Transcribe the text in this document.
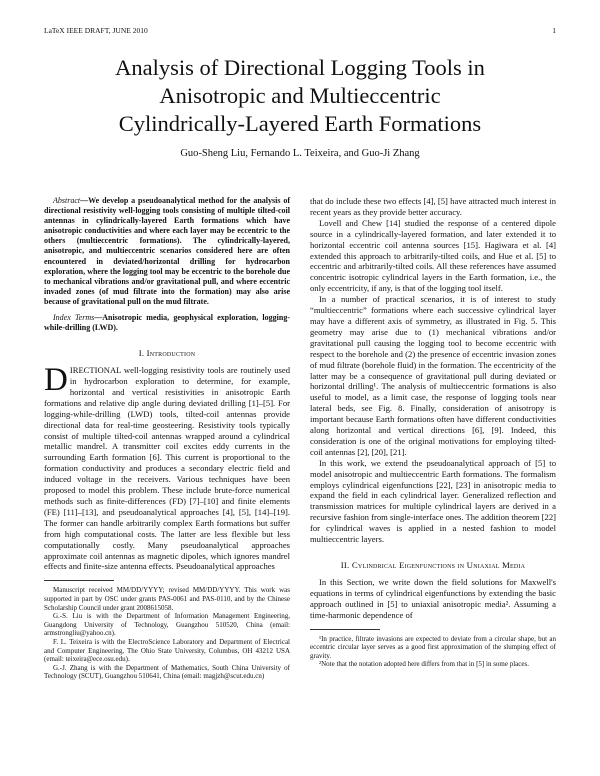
LaTeX IEEE DRAFT, JUNE 2010	1
Analysis of Directional Logging Tools in
Anisotropic and Multieccentric
Cylindrically-Layered Earth Formations
Guo-Sheng Liu, Fernando L. Teixeira, and Guo-Ji Zhang

Abstract—We develop a pseudoanalytical method for the analysis of directional resistivity well-logging tools consisting of multiple tilted-coil antennas in cylindrically-layered Earth formations which have anisotropic conductivities and where each layer may be eccentric to the others (multieccentric formations). The cylindrically-layered, anisotropic, and multieccentric scenarios considered here are often encountered in deviated/horizontal drilling for hydrocarbon exploration, where the logging tool may be eccentric to the borehole due to mechanical vibrations and/or gravitational pull, and where eccentric invaded zones (of mud filtrate into the formation) may also arise because of gravitational pull on the mud filtrate.

Index Terms—Anisotropic media, geophysical exploration, logging-while-drilling (LWD).

I. Introduction

DIRECTIONAL well-logging resistivity tools are routinely used in hydrocarbon exploration to determine, for example, horizontal and vertical resistivities in anisotropic Earth formations and relative dip angle during deviated drilling [1]–[5]. For logging-while-drilling (LWD) tools, tilted-coil antennas provide directional data for real-time geosteering. Resistivity tools typically consist of multiple tilted-coil antennas wrapped around a cylindrical metallic mandrel. A transmitter coil excites eddy currents in the surrounding Earth formation [6]. This current is proportional to the formation conductivity and produces a secondary electric field and induced voltage in the receivers. Various techniques have been proposed to model this problem. These include brute-force numerical methods such as finite-differences (FD) [7]–[10] and finite elements (FE) [11]–[13], and pseudoanalytical approaches [4], [5], [14]–[19]. The former can handle arbitrarily complex Earth formations but suffer from high computational costs. The latter are less flexible but less computationally costly. Many pseudoanalytical approaches approximate coil antennas as magnetic dipoles, which ignores mandrel effects and finite-size antenna effects. Pseudoanalytical approaches

Manuscript received MM/DD/YYYY; revised MM/DD/YYYY. This work was supported in part by OSC under grants PAS-0061 and PAS-0110, and by the Chinese Scholarship Council under grant 2008615058.

G.-S. Liu is with the Department of Information Management Engineering, Guangdong University of Technology, Guangzhou 510520, China (email: armstrongliu@yahoo.cn).

F. L. Teixeira is with the ElectroScience Laboratory and Department of Electrical and Computer Engineering, The Ohio State University, Columbus, OH 43212 USA (email: teixeira@ece.osu.edu).

G.-J. Zhang is with the Department of Mathematics, South China University of Technology (SCUT), Guangzhou 510641, China (email: magjzh@scut.edu.cn)

that do include these two effects [4], [5] have attracted much interest in recent years as they provide better accuracy.

Lovell and Chew [14] studied the response of a centered dipole source in a cylindrically-layered formation, and later extended it to horizontal eccentric coil antenna sources [15]. Hagiwara et al. [4] extended this approach to arbitrarily-tilted coils, and Hue et al. [5] to eccentric and arbitrarily-tilted coils. All these references have assumed concentric isotropic cylindrical layers in the Earth formation, i.e., the only eccentricity, if any, is that of the logging tool itself.

In a number of practical scenarios, it is of interest to study “multieccentric” formations where each successive cylindrical layer may have a different axis of symmetry, as illustrated in Fig. 5. This geometry may arise due to (1) mechanical vibrations and/or gravitational pull causing the logging tool to become eccentric with respect to the borehole and (2) the presence of eccentric invasion zones of mud filtrate (borehole fluid) in the formation. The eccentricity of the latter may be a consequence of gravitational pull during deviated or horizontal drilling¹. The analysis of multieccentric formations is also useful to model, as a limit case, the response of logging tools near lateral beds, see Fig. 8. Finally, consideration of anisotropy is important because Earth formations often have different conductivities along horizontal and vertical directions [6], [9]. Indeed, this consideration is one of the original motivations for employing tilted-coil antennas [2], [20], [21].

In this work, we extend the pseudoanalytical approach of [5] to model anisotropic and multieccentric Earth formations. The formalism employs cylindrical eigenfunctions [22], [23] in anisotropic media to expand the field in each cylindrical layer. Generalized reflection and transmission matrices for multiple cylindrical layers are derived in a recursive fashion from single-interface ones. The addition theorem [22] for cylindrical waves is applied in a nested fashion to model multieccentric layers.

II. Cylindrical Eigenfunctions in Uniaxial Media

In this Section, we write down the field solutions for Maxwell's equations in terms of cylindrical eigenfunctions by extending the basic approach outlined in [5] to uniaxial anisotropic media². Assuming a time-harmonic dependence of

¹In practice, filtrate invasions are expected to deviate from a circular shape, but an eccentric circular layer serves as a good first approximation of the slumping effect of gravity.

²Note that the notation adopted here differs from that in [5] in some places.
